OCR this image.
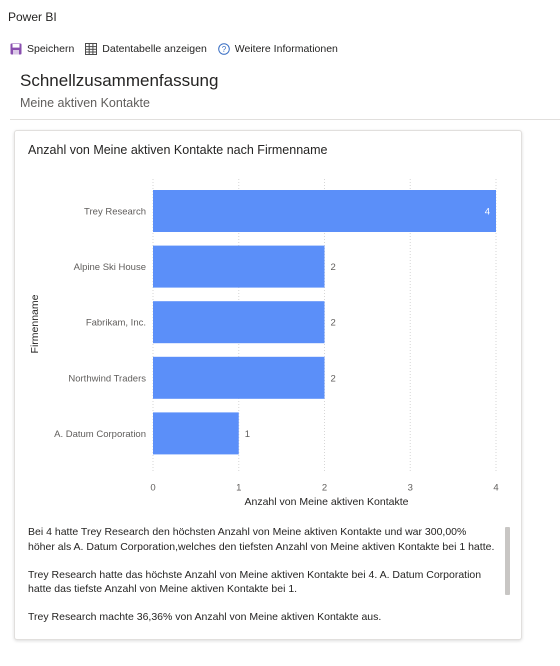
Power BI
Speichern	Datentabelle anzeigen ? Weitere Informationen
Schnellzusammenfassung
Meine aktiven Kontakte
Anzahl von Meine aktiven Kontakte nach Firmenname
Trey Research	4
Alpine Ski House	2
Fabrikam, Inc.	2
Northwind Traders	2
A. Datum Corporation	1
0	1	2	3	4
Anzahl von Meine aktiven Kontakte
Firmenname

Bei 4 hatte Trey Research den höchsten Anzahl von Meine aktiven Kontakte und war 300,00% höher als A. Datum Corporation,welches den tiefsten Anzahl von Meine aktiven Kontakte bei 1 hatte.

Trey Research hatte das höchste Anzahl von Meine aktiven Kontakte bei 4. A. Datum Corporation hatte das tiefste Anzahl von Meine aktiven Kontakte bei 1.

Trey Research machte 36,36% von Anzahl von Meine aktiven Kontakte aus.
